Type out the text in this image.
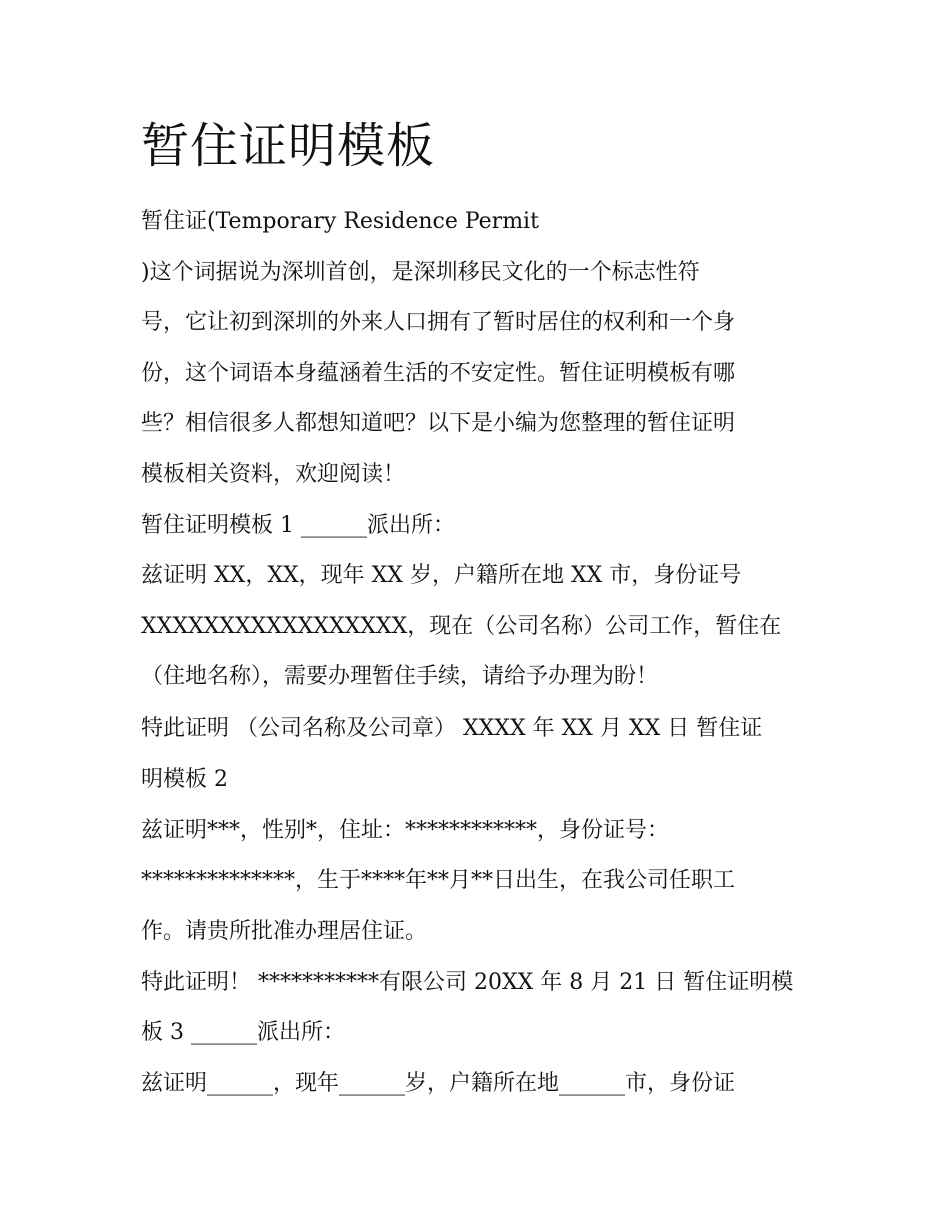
暂住证明模板
暂住证(Temporary Residence Permit
)这个词据说为深圳首创，是深圳移民文化的一个标志性符
号，它让初到深圳的外来人口拥有了暂时居住的权利和一个身
份，这个词语本身蕴涵着生活的不安定性。暂住证明模板有哪
些？相信很多人都想知道吧？以下是小编为您整理的暂住证明
模板相关资料，欢迎阅读！
暂住证明模板 1 ______派出所：
兹证明 XX，XX，现年 XX 岁，户籍所在地 XX 市，身份证号
XXXXXXXXXXXXXXXXX，现在（公司名称）公司工作，暂住在
（住地名称），需要办理暂住手续，请给予办理为盼！
特此证明 （公司名称及公司章） XXXX 年 XX 月 XX 日 暂住证
明模板 2
兹证明***，性别*，住址：************，身份证号：
**************，生于****年**月**日出生，在我公司任职工
作。请贵所批准办理居住证。
特此证明！ ***********有限公司 20XX 年 8 月 21 日 暂住证明模
板 3 ______派出所：
兹证明______，现年______岁，户籍所在地______市，身份证
